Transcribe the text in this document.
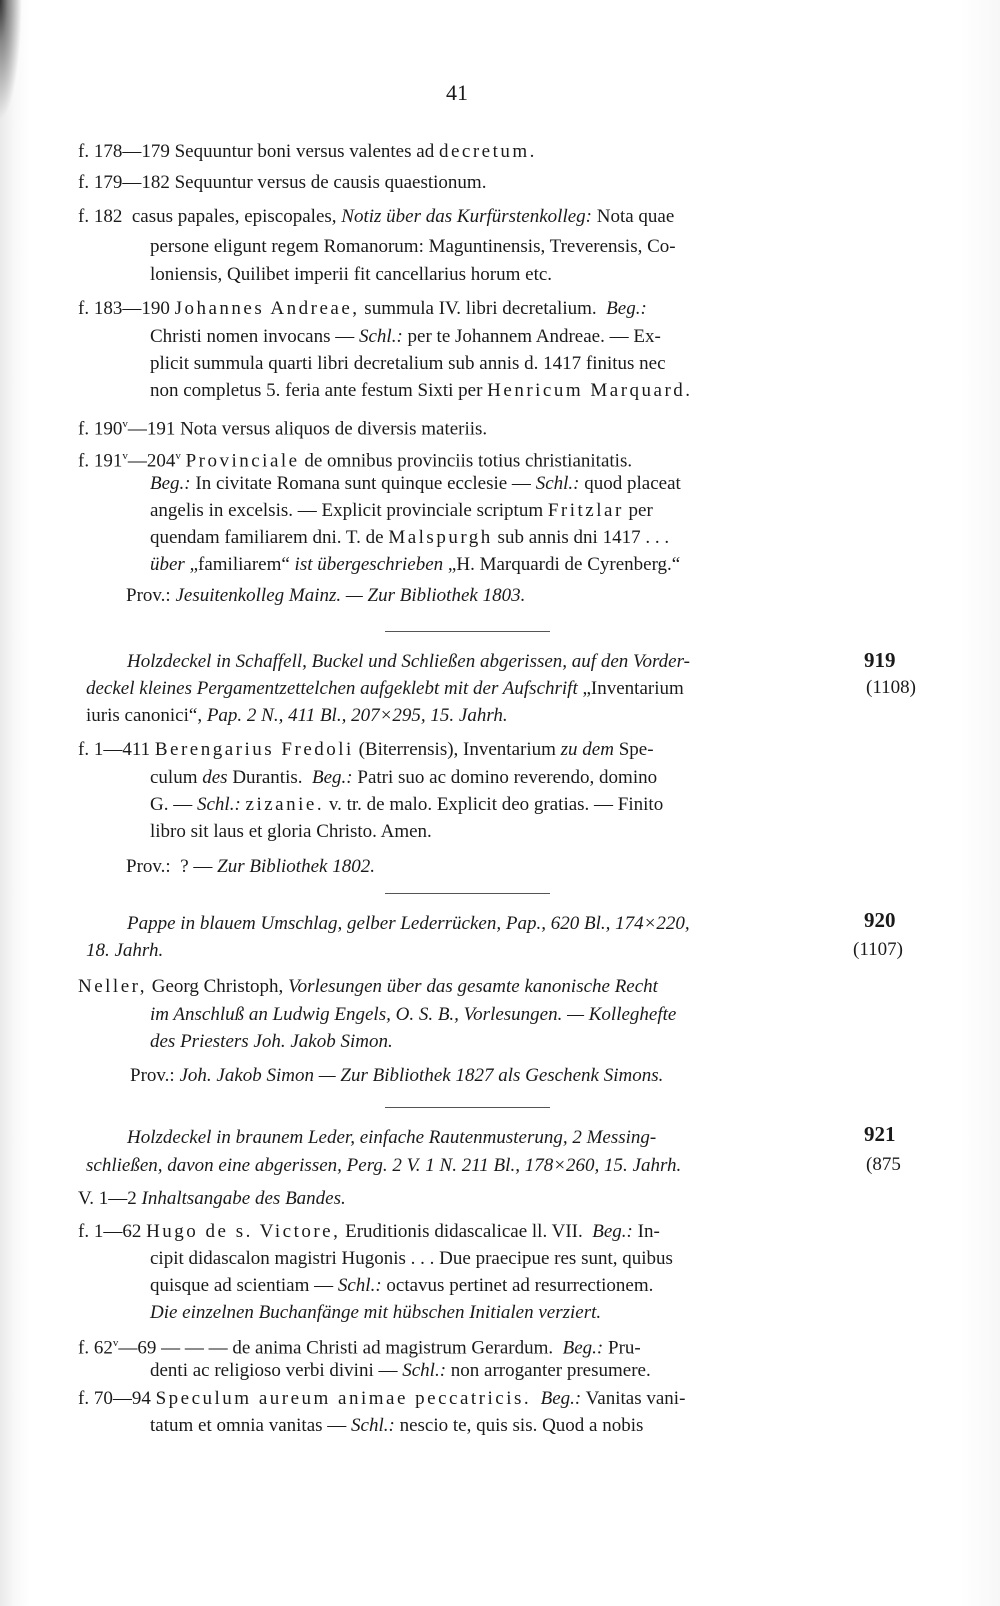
41
f. 178—179 Sequuntur boni versus valentes ad decretum.
f. 179—182 Sequuntur versus de causis quaestionum.
f. 182 casus papales, episcopales, Notiz über das Kurfürstenkolleg: Nota quae
persone eligunt regem Romanorum: Maguntinensis, Treverensis, Co-
loniensis, Quilibet imperii fit cancellarius horum etc.
f. 183—190 Johannes Andreae, summula IV. libri decretalium. Beg.:
Christi nomen invocans — Schl.: per te Johannem Andreae. — Ex-
plicit summula quarti libri decretalium sub annis d. 1417 finitus nec
non completus 5. feria ante festum Sixti per Henricum Marquard.
f. 190$^v$—191 Nota versus aliquos de diversis materiis.
f. 191$^v$—204$^v$ Provinciale de omnibus provinciis totius christianitatis.
Beg.: In civitate Romana sunt quinque ecclesie — Schl.: quod placeat
angelis in excelsis. — Explicit provinciale scriptum Fritzlar per
quendam familiarem dni. T. de Malspurgh sub annis dni 1417 . . .
über „familiarem“ ist übergeschrieben „H. Marquardi de Cyrenberg.“
Prov.: Jesuitenkolleg Mainz. — Zur Bibliothek 1803.
Holzdeckel in Schaffell, Buckel und Schließen abgerissen, auf den Vorder-	919
deckel kleines Pergamentzettelchen aufgeklebt mit der Aufschrift „Inventarium	(1108)
iuris canonici“, Pap. 2 N., 411 Bl., 207×295, 15. Jahrh.
f. 1—411 Berengarius Fredoli (Biterrensis), Inventarium zu dem Spe-
culum des Durantis. Beg.: Patri suo ac domino reverendo, domino
G. — Schl.: zizanie. v. tr. de malo. Explicit deo gratias. — Finito
libro sit laus et gloria Christo. Amen.
Prov.: ? — Zur Bibliothek 1802.
Pappe in blauem Umschlag, gelber Lederrücken, Pap., 620 Bl., 174×220,	920
18. Jahrh.	(1107)
Neller, Georg Christoph, Vorlesungen über das gesamte kanonische Recht
im Anschluß an Ludwig Engels, O. S. B., Vorlesungen. — Kolleghefte
des Priesters Joh. Jakob Simon.
Prov.: Joh. Jakob Simon — Zur Bibliothek 1827 als Geschenk Simons.
Holzdeckel in braunem Leder, einfache Rautenmusterung, 2 Messing-	921
schließen, davon eine abgerissen, Perg. 2 V. 1 N. 211 Bl., 178×260, 15. Jahrh.	(875
V. 1—2 Inhaltsangabe des Bandes.
f. 1—62 Hugo de s. Victore, Eruditionis didascalicae ll. VII. Beg.: In-
cipit didascalon magistri Hugonis . . . Due praecipue res sunt, quibus
quisque ad scientiam — Schl.: octavus pertinet ad resurrectionem.
Die einzelnen Buchanfänge mit hübschen Initialen verziert.
f. 62$^v$—69 — — — de anima Christi ad magistrum Gerardum. Beg.: Pru-
denti ac religioso verbi divini — Schl.: non arroganter presumere.
f. 70—94 Speculum aureum animae peccatricis. Beg.: Vanitas vani-
tatum et omnia vanitas — Schl.: nescio te, quis sis. Quod a nobis
